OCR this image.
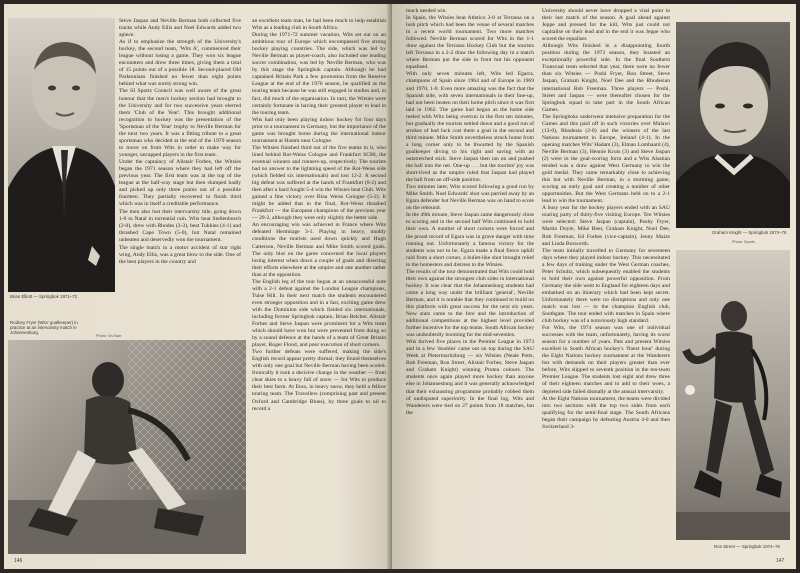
Brian Elliott — Springbok 1971–72
Rodney Fryer (Wits' goalkeeper) in practice at an intervarsity match in Johannesburg.
Photo: Viv Barr

Steve Jaspan and Neville Berman both collected five tracks while Andy Ellis and Noel Edwards added two apiece.
As if to emphasize the strength of the University's hockey, the second team, 'Wits A', commenced their league without losing a game. They won six league encounters and drew three times, giving them a total of 15 points out of a possible 18. Second-placed Old Parktonians finished no fewer than eight points behind what was surely strong win.
The SI Sports Council was well aware of the great honour that the men's hockey section had brought to the University and for two successive years elected them 'Club of the Year'. This brought additional recognition to hockey was the presentation of the 'Sportsman of the Year' trophy to Neville Berman for the next two years. It was a fitting tribute to a great sportsman who decided at the end of the 1970 season to move on from Wits in order to make way for younger, uncapped players in the first team.
Under the captaincy of Alistair Forbes, the Witsies began the 1971 season where they had left off the previous year. The first team was at the top of the league at the half-way stage but then slumped badly and picked up only three points out of a possible fourteen. They partially recovered to finish third which was in itself a creditable performance.

The men also lost their intervarsity title, going down 1-0 to Natal in torrential rain. Wits beat Stellenbosch (2-0), drew with Rhodes (3-3), beat Tukkies (4-1) and thrashed Cape Town (5-0), but Natal remained unbeaten and deservedly won the tournament.
The single match in a motor accident of star right wing, Andy Ellis, was a great blow to the side. One of the best players in the country and

an excellent team man, he had been much to help establish Wits as a leading club in South Africa.
During the 1971-72 summer vacation, Wits set out on an ambitious tour of Europe which encompassed five strong hockey playing countries. The side, which was led by Neville Berman as player-coach, also included one leading soccer combination, was led by Neville Berman, who was by this stage the Springbok captain. Although he had captained Britain Park a few promotion from the Reserve League at the end of the 1970 season, he qualified as the touring team because he was still engaged in studies and, in fact, did much of the organisation. In turn, the Witsies were certainly fortunate in having their greatest player to lead in the touring team.
Wits had only been playing indoor hockey for four days prior to a tournament in Germany, but the importance of the game was brought home during the international indoor tournament at Hamm near Cologne.
The Witsies finished third out of the five teams in it, who lined behind Rot-Weiss Cologne and Frankfurt SC80, the eventual winners and runners-up, respectively. The tourists had no answer to the lightning speed of the Rot-Weiss side (which fielded six internationals) and lost 12-2. A second big defeat was suffered at the hands of Frankfurt (8-2) and then after a hard fought 5-4 win the Witsies beat Club. Wits gained a fine victory over Blau Weiss Cologne (5-2). It might be added that in the final, Rot-Weiss thrashed Frankfurt — the European champions of the previous year — 20-2, although they were only slightly the better side.
An encouraging win was achieved in France where Wits defeated Hermitage 3-1. Playing in heavy, muddy conditions the tourists used down quickly and Hugh Catterson, Neville Berman and Mike Smith scored goals. The only blot on the game concerned the local players losing interest when down a couple of goals and directing their efforts elsewhere at the umpire and one another rather than at the opposition.
The English leg of the tour began at an unsuccessful note with a 2-1 defeat against the London League champions, Tulse Hill. In their next match the students encountered even stronger opposition and in a fast, exciting game drew with the Dominion side which fielded six internationals, including former Springbok captain, Brian Belcher. Alistair Forbes and Steve Jaspan were prominent for a Wits team which should have won but were prevented from doing so by a sound defence at the hands of a team of Great Britain player, Roger Flood, and poor execution of short corners.
Two further defeats were suffered, making the side's English record appear pretty dismal; they found themselves with only one goal but Neville Berman having been scored. Ironically it took a decisive change in the weather — from clear skies to a heavy fall of snow — for Wits to produce their best form. At Eton, in heavy snow, they held a fellow touring team. The Travellers (comprising past and present Oxford and Cambridge Blues), by three goals to nil to record a

146

much needed win.
In Spain, the Witsies beat Atletico 3-0 at Terrassa on a lush pitch which had been the venue of several matches in a recent world tournament. Two more matches followed. Neville Berman scored for Wits in the 1-1 draw against the Terrassa Hockey Club but the tourists left Terrassa in a 2-2 draw the following day in a match where Berman put the side in front but his opponent equalised.
With only seven minutes left, Wits led Egarra, champions of Spain since 1964 and of Europe in 1969 and 1970, 1-0. Even more amazing was the fact that the Spanish side, with seven internationals in their line-up, had not been beaten on their home pitch since it was first laid in 1962. The game had begun as the home side reeled with Wits being overrun in the first ten minutes, but gradually the tourists settled down and a good run of strokes of bad luck cost them a goal in the second and third minute. Mike Smith nevertheless struck home from a long corner only to be thwarted by the Spanish goalkeeper diving to his right and saving with an outstretched stick. Steve Jaspan then ran on and pushed the ball into the net. One-up . . . but the tourists' joy was short-lived as the umpire ruled that Jaspan had played the ball from an off-side position.
Two minutes later, Wits scored following a good run by Mike Smith. Noel Edwards' shot was parried away by an Egara defender but Neville Berman was on hand to score on the rebound.
In the 49th minute, Steve Jaspan came dangerously close to scoring and in the second half Wits continued to hold their own. A number of short corners were forced and the proud record of Egara was in grave danger with time running out. Unfortunately a famous victory for the students was not to be. Egara made a final fierce uphill raid from a short corner, a bullet-like shot brought relief to the homesters and distress to the Witsies.
The results of the tour demonstrated that Wits could hold their own against the strongest club sides in international hockey. It was clear that the Johannesburg students had come a long way under the brilliant 'general', Neville Berman, and it is notable that they continued to build on this platform with great success for the next six years. Now stars came to the fore and the introduction of additional competitions at the highest level provided further incentive for the top teams. South African hockey was undoubtedly booming for the mid-seventies.
Wits thrived five places in the Premier League in 1973 and in a few 'doubles' came out on top during the SAU Week at Pietermaritzburg — six Witsies (Neale Potts, Rob Freeman, Ron Street, Alistair Forbes, Steve Jaspan and Graham Knight) winning Protea colours. The students once again played more hockey than anyone else in Johannesburg and it was generally acknowledged that their exhausting programme probably robbed them of undisputed superiority. In the final log, Wits and Wanderers were tied on 27 points from 18 matches, but the

University should never have dropped a vital point in their last match of the season. A goal ahead against Jeppe and pressed for the kill, Wits just could not capitalise on their lead and in the end it was Jeppe who scored the equaliser.
Although Wits finished in a disappointing fourth position during the 1973 season, they boasted an exceptionally powerful side. In the final Southern Transvaal team selected that year, there were no fewer than six Witsies — Poshi Fryer, Ron Street, Steve Jaspan, Graham Knight, Noel Dee and the Rhodesian international Rob Freeman. Three players — Poshi, Street and Jaspan — were thereafter chosen for the Springbok squad to take part in the South African Games.
The Springboks underwent intensive preparation for the Games and this paid off in such victories over Malawi (13-0), Rhodesia (2-0) and the winners of the last Nations tournament in Europe, Ireland (4-1). In the opening matches Wits' Hadam (3), Elman Lombaard (4), Neville Berman (3), Hennie Kruis (3) and Steve Jaspan (2) were in the goal-scoring form and a Wits Alsatian tended was a draw against West Germany to win the gold medal. They came remarkably close to achieving this but with Neville Berman, in a storming game, scoring an early goal and creating a number of other opportunities. But the West Germans held on to a 2-1 lead to win the tournament.
A busy year for the hockey players ended with an SAU touring party of thirty-five visiting Europe. Ten Witsies were selected: Steve Jaspan (captain), Poshy Fryer, Martin Doyle, Mike Beer, Graham Knight, Noel Dee, Rob Freeman, Ed Forbes (vice-captain), Jenny Maize and Linda Bosworth.
The team initially travelled to Germany for seventeen days where they played indoor hockey. This necessitated a few days of training under the West German coaches, Peter Schultz, which subsequently enabled the students to hold their own against powerful opposition. From Germany the side went to England for eighteen days and embarked on an itinerary which had been kept secret. Unfortunately there were no disruptions and only one match was lost — to the champion English club, Southgate. The tour ended with matches in Spain where club hockey was of a notoriously high standard.
For Wits, the 1974 season was one of individual successes with the team, unfortunately, having its worst season for a number of years. Past and present Witsies excelled in South African hockey's 'finest hour' during the Eight Nations hockey tournament at the Wanderers but with demands on their players greater than ever before, Wits slipped to seventh position in the ten-team Premier League. The students lost eight and drew three of their eighteen matches and to add to their woes, a depleted side failed dismally at the annual intervarsity.
At the Eight Nations tournament, the teams were divided into two sections with the top two sides from each qualifying for the semi-final stage. The South Africans began their campaign by defeating Austria 4-0 and then Switzerland 3-

Graham Knight — Springbok 1974–76
Photo: Sports
Ron Street — Springbok 1974–76
147
